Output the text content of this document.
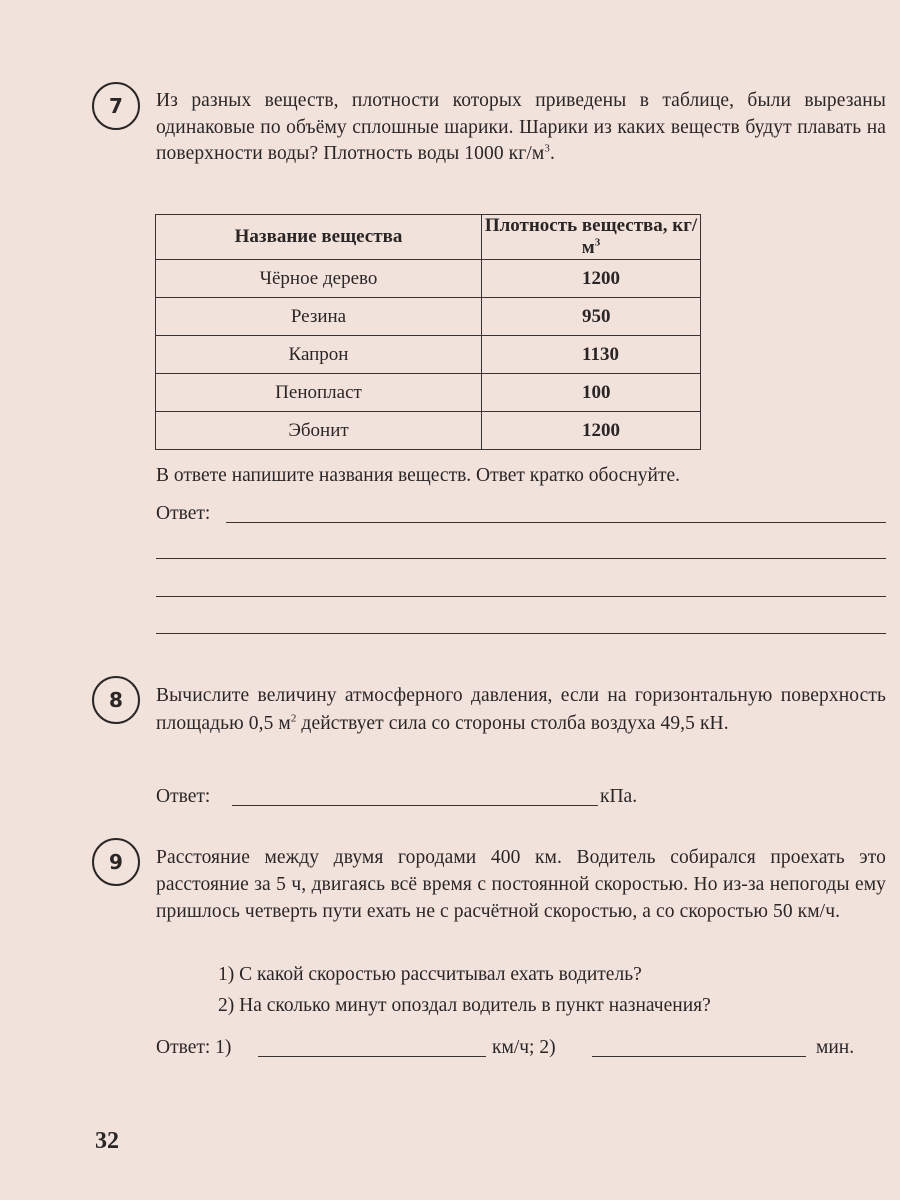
7	Из разных веществ, плотности которых приведены в таблице, были вырезаны одинаковые по объёму сплошные шарики. Шарики из каких веществ будут плавать на поверхности воды? Плотность воды 1000 $кг/м^3$.
Название вещества	Плотность вещества, $кг/м^3$
Чёрное дерево	1200
Резина	950
Капрон	1130
Пенопласт	100
Эбонит	1200
В ответе напишите названия веществ. Ответ кратко обоснуйте.
Ответ:
8	Вычислите величину атмосферного давления, если на горизонтальную поверхность площадью 0,5 $м^2$ действует сила со стороны столба воздуха 49,5 кН.
Ответ:	кПа.
9	Расстояние между двумя городами 400 км. Водитель собирался проехать это расстояние за 5 ч, двигаясь всё время с постоянной скоростью. Но из-за непогоды ему пришлось четверть пути ехать не с расчётной скоростью, а со скоростью 50 км/ч.
1) С какой скоростью рассчитывал ехать водитель?
2) На сколько минут опоздал водитель в пункт назначения?
Ответ: 1)	км/ч; 2)	мин.
32
